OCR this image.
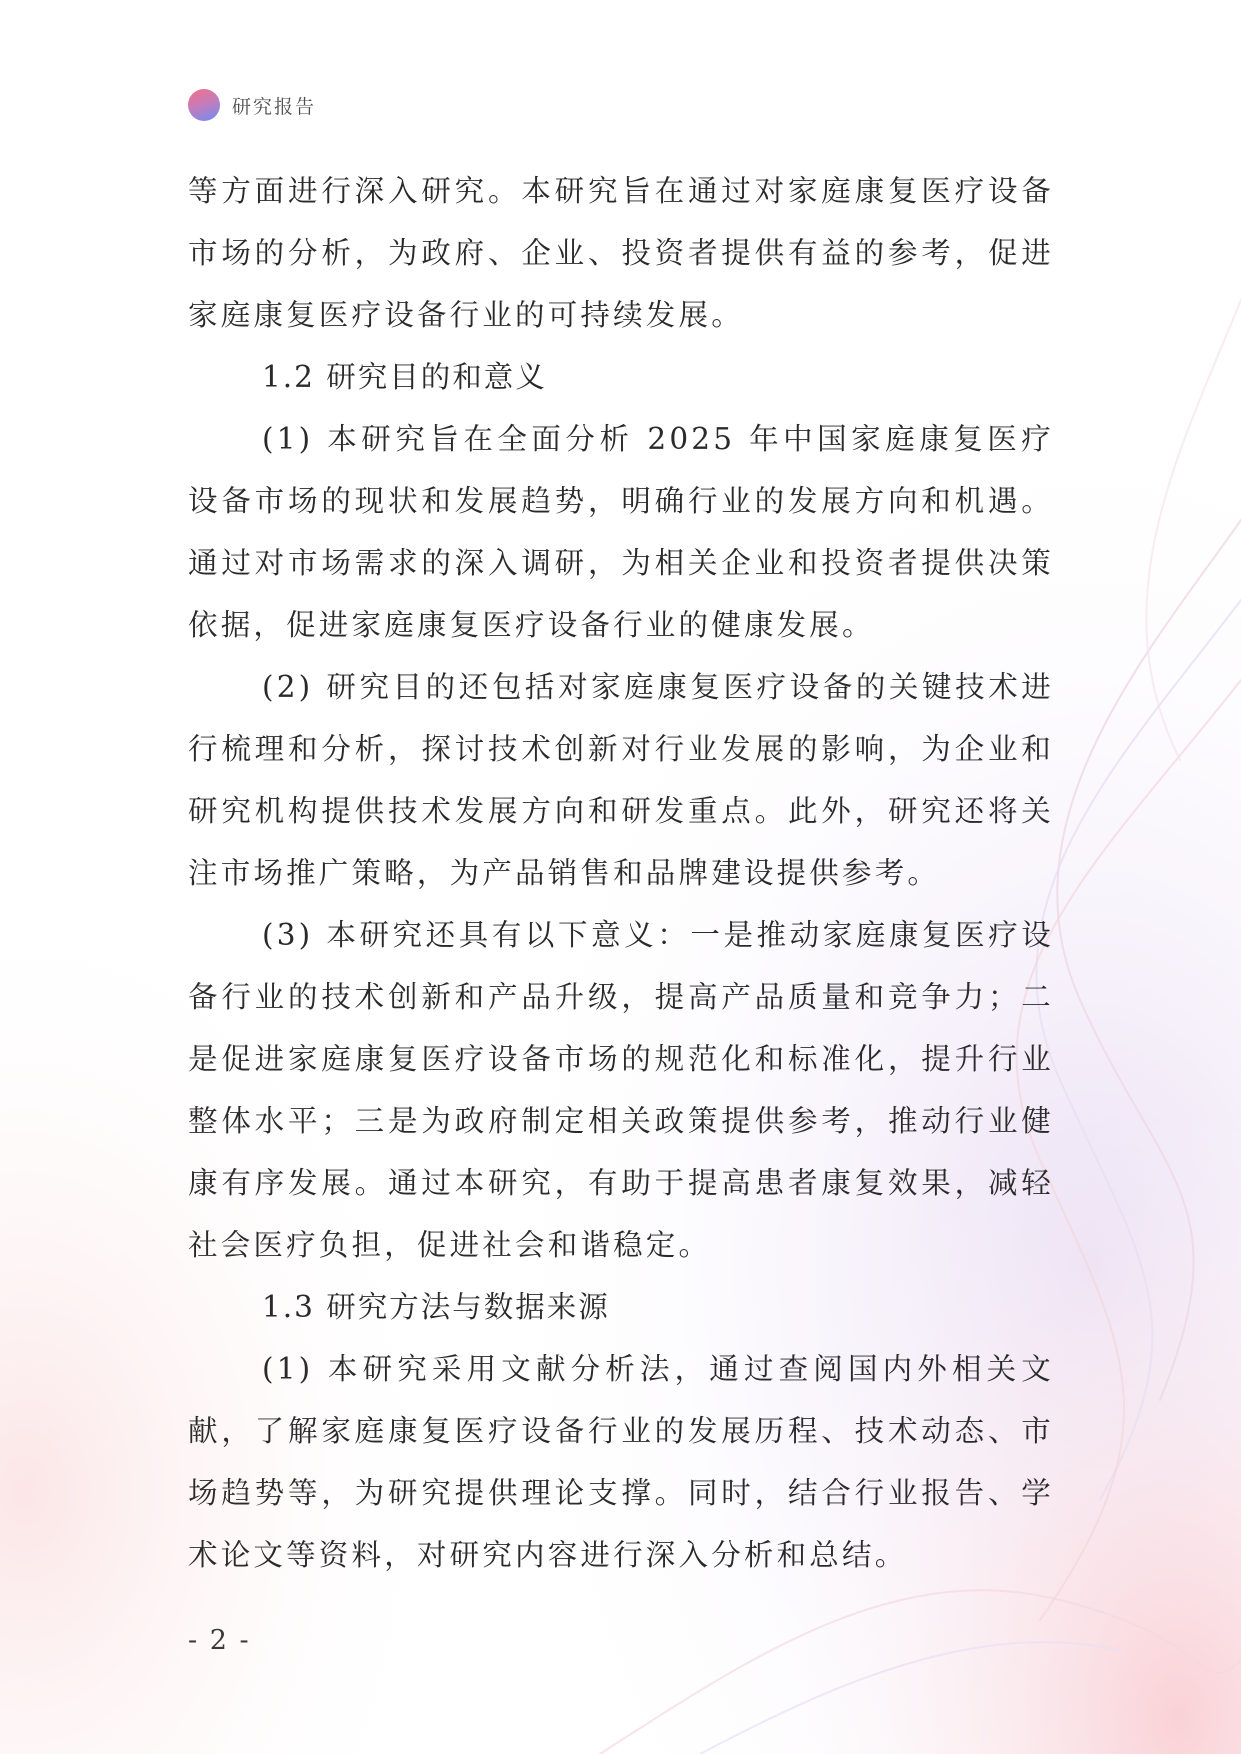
研究报告

等方面进行深入研究。本研究旨在通过对家庭康复医疗设备市场的分析，为政府、企业、投资者提供有益的参考，促进家庭康复医疗设备行业的可持续发展。

1.2 研究目的和意义

(1) 本研究旨在全面分析 2025 年中国家庭康复医疗设备市场的现状和发展趋势，明确行业的发展方向和机遇。通过对市场需求的深入调研，为相关企业和投资者提供决策依据，促进家庭康复医疗设备行业的健康发展。

(2) 研究目的还包括对家庭康复医疗设备的关键技术进行梳理和分析，探讨技术创新对行业发展的影响，为企业和研究机构提供技术发展方向和研发重点。此外，研究还将关注市场推广策略，为产品销售和品牌建设提供参考。

(3) 本研究还具有以下意义：一是推动家庭康复医疗设备行业的技术创新和产品升级，提高产品质量和竞争力；二是促进家庭康复医疗设备市场的规范化和标准化，提升行业整体水平；三是为政府制定相关政策提供参考，推动行业健康有序发展。通过本研究，有助于提高患者康复效果，减轻社会医疗负担，促进社会和谐稳定。

1.3 研究方法与数据来源

(1) 本研究采用文献分析法，通过查阅国内外相关文献，了解家庭康复医疗设备行业的发展历程、技术动态、市场趋势等，为研究提供理论支撑。同时，结合行业报告、学术论文等资料，对研究内容进行深入分析和总结。

- 2 -
